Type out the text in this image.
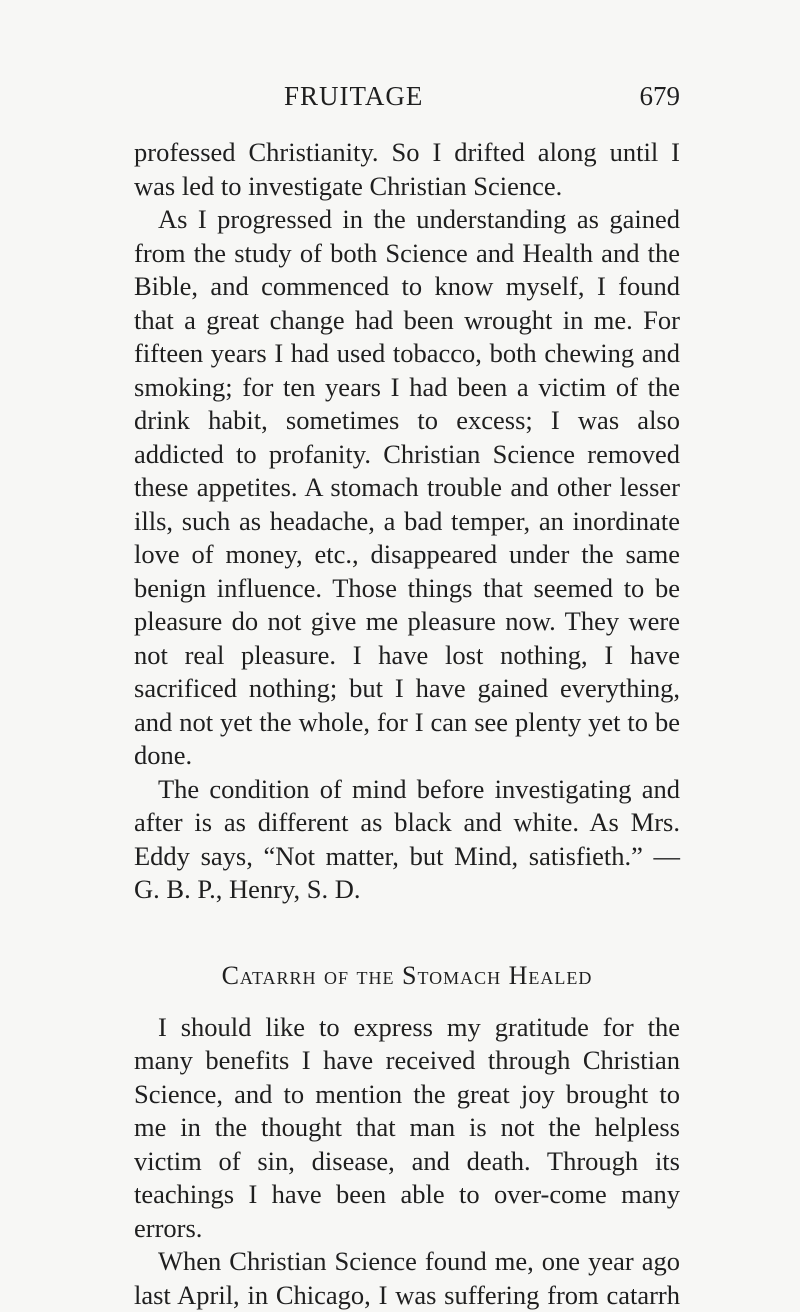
FRUITAGE	679

professed Christianity. So I drifted along until I was led to investigate Christian Science.

As I progressed in the understanding as gained from the study of both Science and Health and the Bible, and commenced to know myself, I found that a great change had been wrought in me. For fifteen years I had used tobacco, both chewing and smoking; for ten years I had been a victim of the drink habit, sometimes to excess; I was also addicted to profanity. Christian Science removed these appetites. A stomach trouble and other lesser ills, such as headache, a bad temper, an inordinate love of money, etc., disappeared under the same benign influence. Those things that seemed to be pleasure do not give me pleasure now. They were not real pleasure. I have lost nothing, I have sacrificed nothing; but I have gained everything, and not yet the whole, for I can see plenty yet to be done.

The condition of mind before investigating and after is as different as black and white. As Mrs. Eddy says, “Not matter, but Mind, satisfieth.” — G. B. P., Henry, S. D.

Catarrh of the Stomach Healed

I should like to express my gratitude for the many benefits I have received through Christian Science, and to mention the great joy brought to me in the thought that man is not the helpless victim of sin, disease, and death. Through its teachings I have been able to over-come many errors.

When Christian Science found me, one year ago last April, in Chicago, I was suffering from catarrh
